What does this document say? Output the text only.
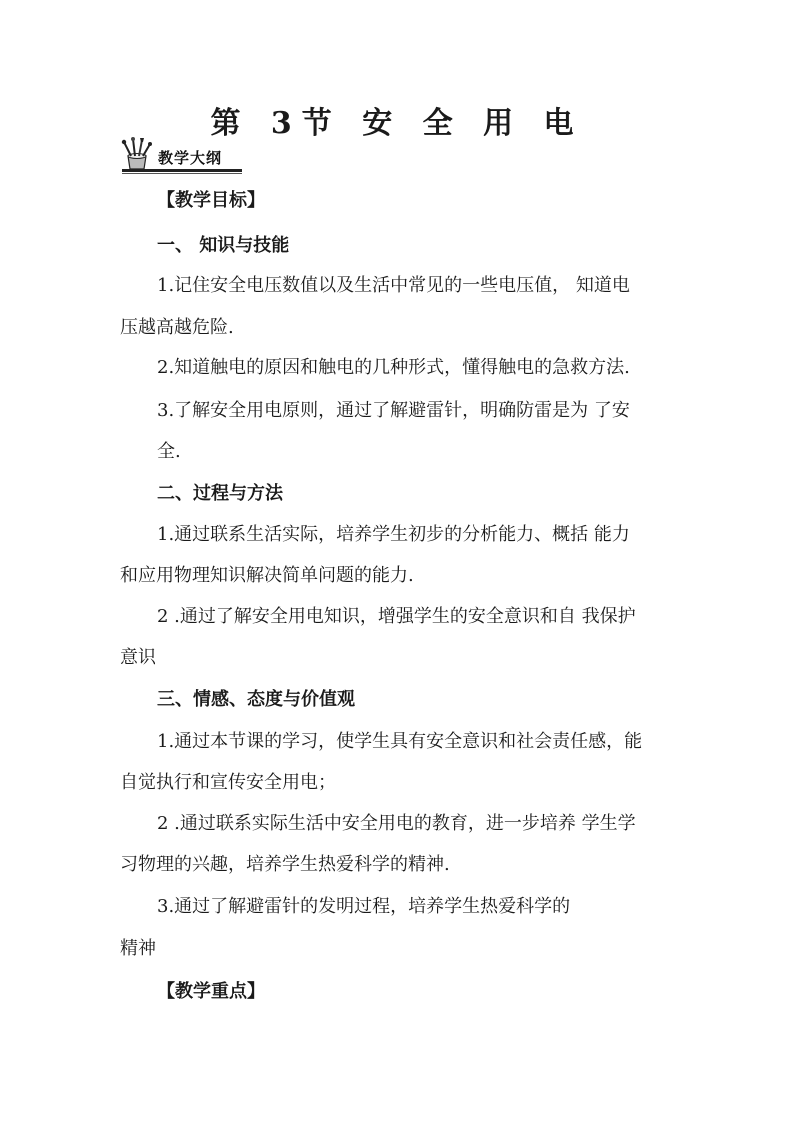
第 3节 安 全 用 电
教学大纲
【教学目标】
一、 知识与技能
1.记住安全电压数值以及生活中常见的一些电压值， 知道电
压越高越危险.
2.知道触电的原因和触电的几种形式，懂得触电的急救方法.
3.了解安全用电原则，通过了解避雷针，明确防雷是为 了安
全.
二、过程与方法
1.通过联系生活实际，培养学生初步的分析能力、概括 能力
和应用物理知识解决简单问题的能力.
2 .通过了解安全用电知识，增强学生的安全意识和自 我保护
意识
三、情感、态度与价值观
1.通过本节课的学习，使学生具有安全意识和社会责任感，能
自觉执行和宣传安全用电；
2 .通过联系实际生活中安全用电的教育，进一步培养 学生学
习物理的兴趣，培养学生热爱科学的精神.
3.通过了解避雷针的发明过程，培养学生热爱科学的
精神
【教学重点】
